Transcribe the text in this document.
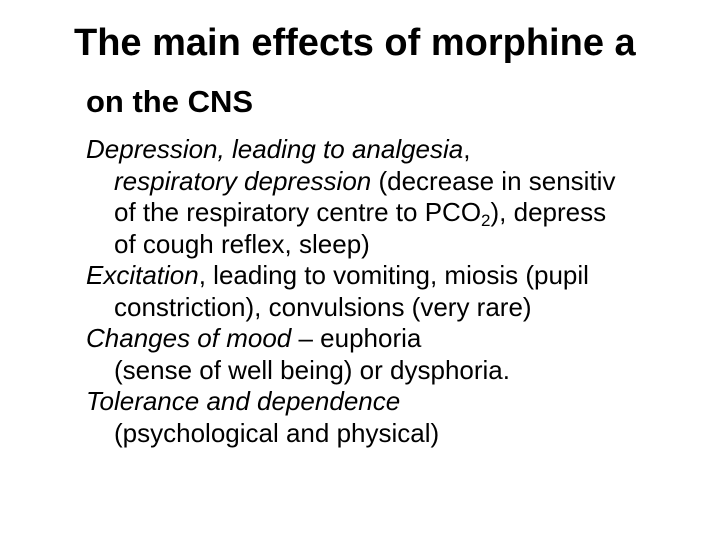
The main effects of morphine a
on the CNS
Depression, leading to analgesia,
respiratory depression (decrease in sensitiv
of the respiratory centre to $PCO_2$), depress
of cough reflex, sleep)
Excitation, leading to vomiting, miosis (pupil
constriction), convulsions (very rare)
Changes of mood – euphoria
(sense of well being) or dysphoria.
Tolerance and dependence
(psychological and physical)
